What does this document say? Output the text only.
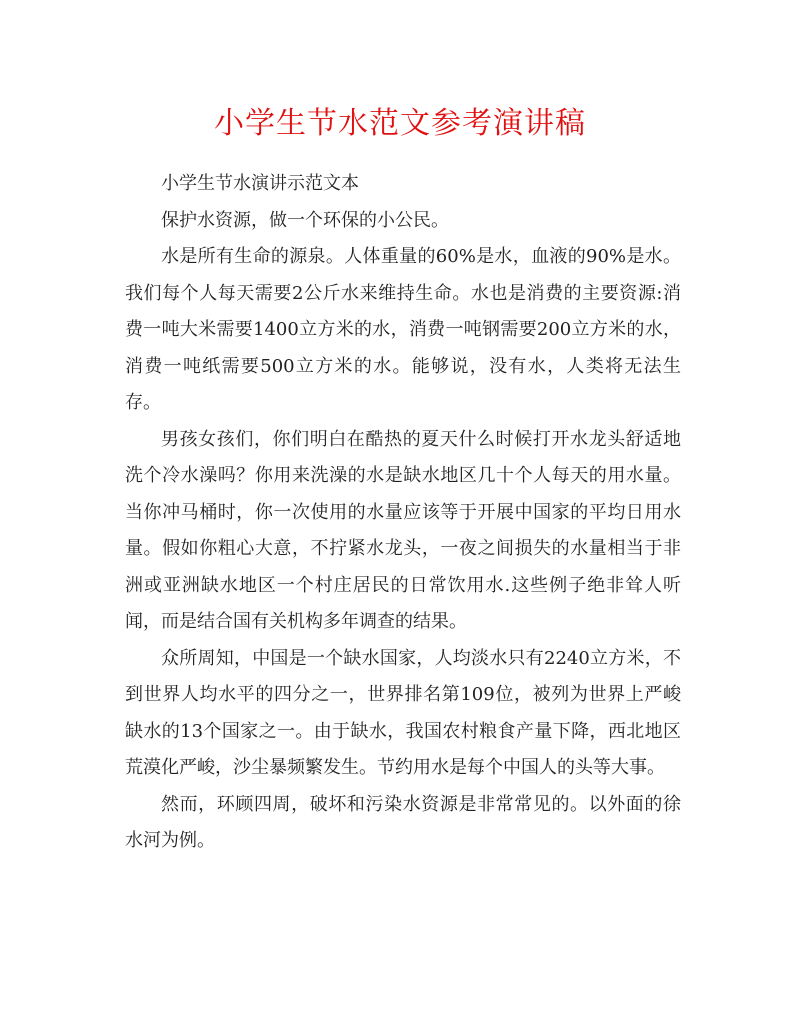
小学生节水范文参考演讲稿

小学生节水演讲示范文本

保护水资源，做一个环保的小公民。

水是所有生命的源泉。人体重量的60%是水，血液的90%是水。我们每个人每天需要2公斤水来维持生命。水也是消费的主要资源:消费一吨大米需要1400立方米的水，消费一吨钢需要200立方米的水，消费一吨纸需要500立方米的水。能够说，没有水，人类将无法生存。

男孩女孩们，你们明白在酷热的夏天什么时候打开水龙头舒适地洗个冷水澡吗？你用来洗澡的水是缺水地区几十个人每天的用水量。当你冲马桶时，你一次使用的水量应该等于开展中国家的平均日用水量。假如你粗心大意，不拧紧水龙头，一夜之间损失的水量相当于非洲或亚洲缺水地区一个村庄居民的日常饮用水.这些例子绝非耸人听闻，而是结合国有关机构多年调查的结果。

众所周知，中国是一个缺水国家，人均淡水只有2240立方米，不到世界人均水平的四分之一，世界排名第109位，被列为世界上严峻缺水的13个国家之一。由于缺水，我国农村粮食产量下降，西北地区荒漠化严峻，沙尘暴频繁发生。节约用水是每个中国人的头等大事。

然而，环顾四周，破坏和污染水资源是非常常见的。以外面的徐水河为例。
